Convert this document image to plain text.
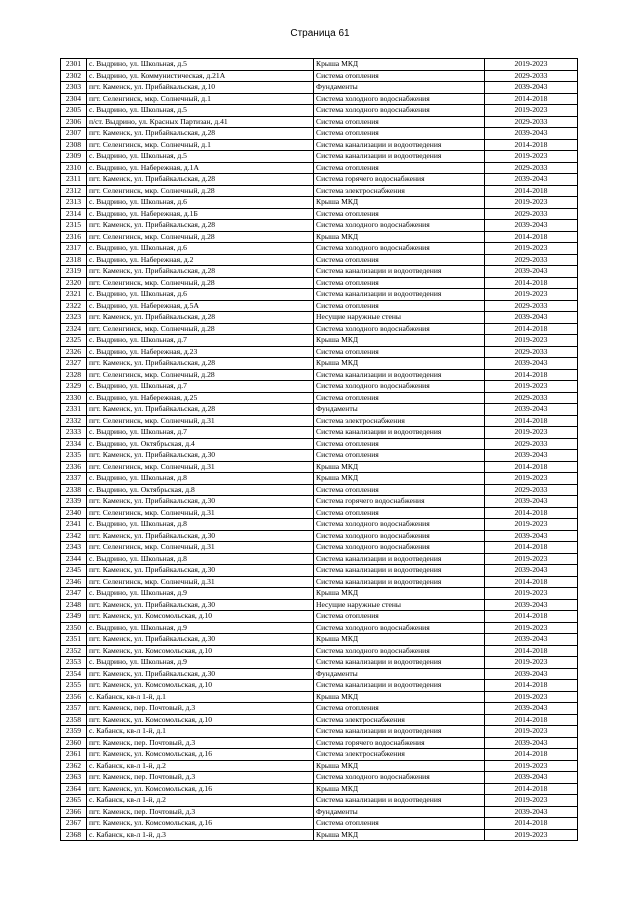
Страница 61
2301	с. Выдрино, ул. Школьная, д.5	Крыша МКД	2019-2023
2302	с. Выдрино, ул. Коммунистическая, д.21А	Система отопления	2029-2033
2303	пгт. Каменск, ул. Прибайкальская, д.10	Фундаменты	2039-2043
2304	пгт. Селенгинск, мкр. Солнечный, д.1	Система холодного водоснабжения	2014-2018
2305	с. Выдрино, ул. Школьная, д.5	Система холодного водоснабжения	2019-2023
2306	п/ст. Выдрино, ул. Красных Партизан, д.41	Система отопления	2029-2033
2307	пгт. Каменск, ул. Прибайкальская, д.28	Система отопления	2039-2043
2308	пгт. Селенгинск, мкр. Солнечный, д.1	Система канализации и водоотведения	2014-2018
2309	с. Выдрино, ул. Школьная, д.5	Система канализации и водоотведения	2019-2023
2310	с. Выдрино, ул. Набережная, д.1А	Система отопления	2029-2033
2311	пгт. Каменск, ул. Прибайкальская, д.28	Система горячего водоснабжения	2039-2043
2312	пгт. Селенгинск, мкр. Солнечный, д.28	Система электроснабжения	2014-2018
2313	с. Выдрино, ул. Школьная, д.6	Крыша МКД	2019-2023
2314	с. Выдрино, ул. Набережная, д.1Б	Система отопления	2029-2033
2315	пгт. Каменск, ул. Прибайкальская, д.28	Система холодного водоснабжения	2039-2043
2316	пгт. Селенгинск, мкр. Солнечный, д.28	Крыша МКД	2014-2018
2317	с. Выдрино, ул. Школьная, д.6	Система холодного водоснабжения	2019-2023
2318	с. Выдрино, ул. Набережная, д.2	Система отопления	2029-2033
2319	пгт. Каменск, ул. Прибайкальская, д.28	Система канализации и водоотведения	2039-2043
2320	пгт. Селенгинск, мкр. Солнечный, д.28	Система отопления	2014-2018
2321	с. Выдрино, ул. Школьная, д.6	Система канализации и водоотведения	2019-2023
2322	с. Выдрино, ул. Набережная, д.5А	Система отопления	2029-2033
2323	пгт. Каменск, ул. Прибайкальская, д.28	Несущие наружные стены	2039-2043
2324	пгт. Селенгинск, мкр. Солнечный, д.28	Система холодного водоснабжения	2014-2018
2325	с. Выдрино, ул. Школьная, д.7	Крыша МКД	2019-2023
2326	с. Выдрино, ул. Набережная, д.23	Система отопления	2029-2033
2327	пгт. Каменск, ул. Прибайкальская, д.28	Крыша МКД	2039-2043
2328	пгт. Селенгинск, мкр. Солнечный, д.28	Система канализации и водоотведения	2014-2018
2329	с. Выдрино, ул. Школьная, д.7	Система холодного водоснабжения	2019-2023
2330	с. Выдрино, ул. Набережная, д.25	Система отопления	2029-2033
2331	пгт. Каменск, ул. Прибайкальская, д.28	Фундаменты	2039-2043
2332	пгт. Селенгинск, мкр. Солнечный, д.31	Система электроснабжения	2014-2018
2333	с. Выдрино, ул. Школьная, д.7	Система канализации и водоотведения	2019-2023
2334	с. Выдрино, ул. Октябрьская, д.4	Система отопления	2029-2033
2335	пгт. Каменск, ул. Прибайкальская, д.30	Система отопления	2039-2043
2336	пгт. Селенгинск, мкр. Солнечный, д.31	Крыша МКД	2014-2018
2337	с. Выдрино, ул. Школьная, д.8	Крыша МКД	2019-2023
2338	с. Выдрино, ул. Октябрьская, д.8	Система отопления	2029-2033
2339	пгт. Каменск, ул. Прибайкальская, д.30	Система горячего водоснабжения	2039-2043
2340	пгт. Селенгинск, мкр. Солнечный, д.31	Система отопления	2014-2018
2341	с. Выдрино, ул. Школьная, д.8	Система холодного водоснабжения	2019-2023
2342	пгт. Каменск, ул. Прибайкальская, д.30	Система холодного водоснабжения	2039-2043
2343	пгт. Селенгинск, мкр. Солнечный, д.31	Система холодного водоснабжения	2014-2018
2344	с. Выдрино, ул. Школьная, д.8	Система канализации и водоотведения	2019-2023
2345	пгт. Каменск, ул. Прибайкальская, д.30	Система канализации и водоотведения	2039-2043
2346	пгт. Селенгинск, мкр. Солнечный, д.31	Система канализации и водоотведения	2014-2018
2347	с. Выдрино, ул. Школьная, д.9	Крыша МКД	2019-2023
2348	пгт. Каменск, ул. Прибайкальская, д.30	Несущие наружные стены	2039-2043
2349	пгт. Каменск, ул. Комсомольская, д.10	Система отопления	2014-2018
2350	с. Выдрино, ул. Школьная, д.9	Система холодного водоснабжения	2019-2023
2351	пгт. Каменск, ул. Прибайкальская, д.30	Крыша МКД	2039-2043
2352	пгт. Каменск, ул. Комсомольская, д.10	Система холодного водоснабжения	2014-2018
2353	с. Выдрино, ул. Школьная, д.9	Система канализации и водоотведения	2019-2023
2354	пгт. Каменск, ул. Прибайкальская, д.30	Фундаменты	2039-2043
2355	пгт. Каменск, ул. Комсомольская, д.10	Система канализации и водоотведения	2014-2018
2356	с. Кабанск, кв-л 1-й, д.1	Крыша МКД	2019-2023
2357	пгт. Каменск, пер. Почтовый, д.3	Система отопления	2039-2043
2358	пгт. Каменск, ул. Комсомольская, д.10	Система электроснабжения	2014-2018
2359	с. Кабанск, кв-л 1-й, д.1	Система канализации и водоотведения	2019-2023
2360	пгт. Каменск, пер. Почтовый, д.3	Система горячего водоснабжения	2039-2043
2361	пгт. Каменск, ул. Комсомольская, д.16	Система электроснабжения	2014-2018
2362	с. Кабанск, кв-л 1-й, д.2	Крыша МКД	2019-2023
2363	пгт. Каменск, пер. Почтовый, д.3	Система холодного водоснабжения	2039-2043
2364	пгт. Каменск, ул. Комсомольская, д.16	Крыша МКД	2014-2018
2365	с. Кабанск, кв-л 1-й, д.2	Система канализации и водоотведения	2019-2023
2366	пгт. Каменск, пер. Почтовый, д.3	Фундаменты	2039-2043
2367	пгт. Каменск, ул. Комсомольская, д.16	Система отопления	2014-2018
2368	с. Кабанск, кв-л 1-й, д.3	Крыша МКД	2019-2023
